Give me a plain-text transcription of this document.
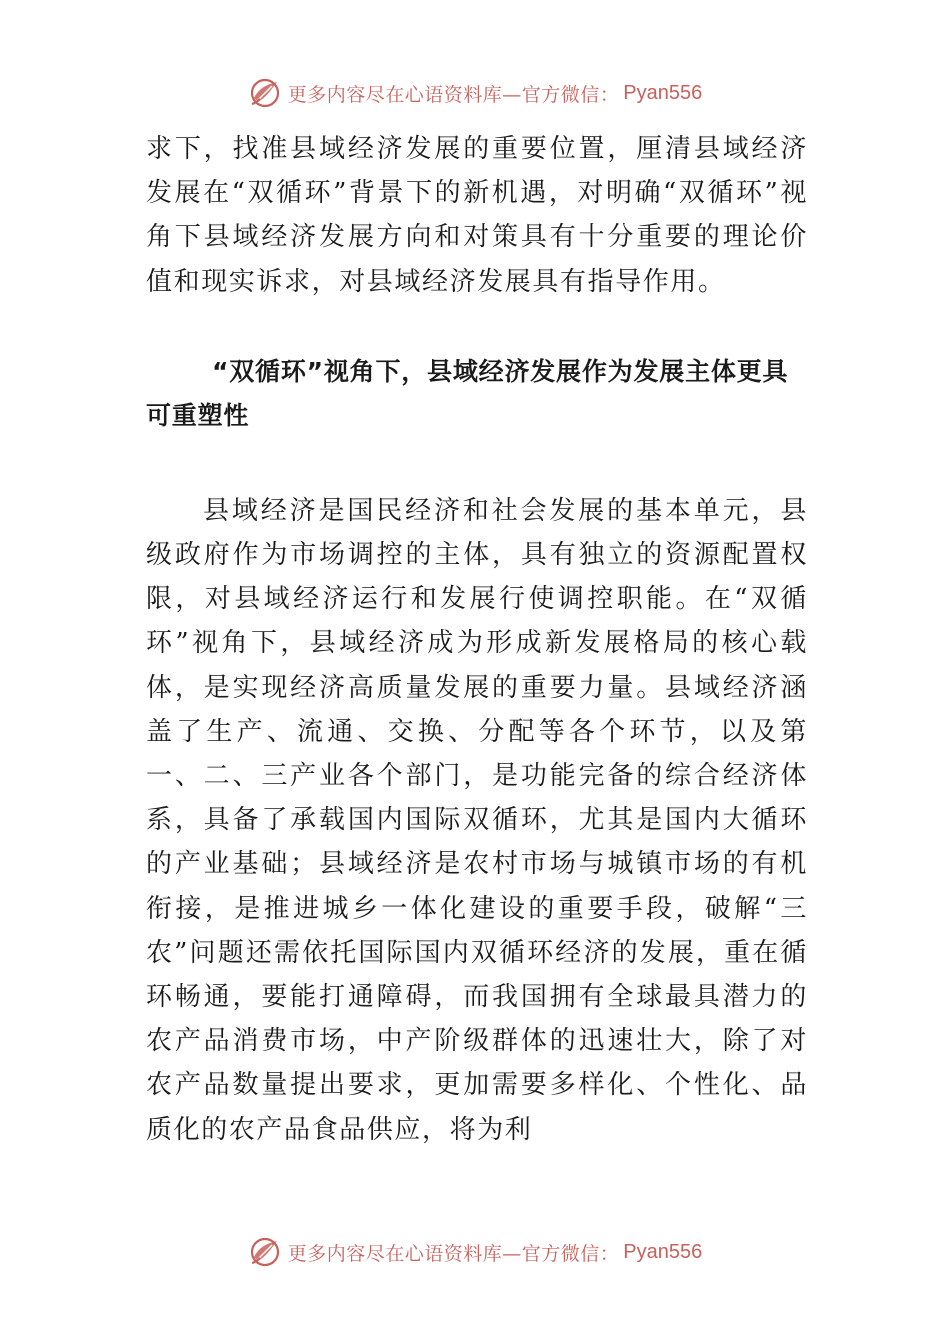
更多内容尽在心语资料库—官方微信： Pyan556

求下，找准县域经济发展的重要位置，厘清县域经济发展在“双循环”背景下的新机遇，对明确“双循环”视角下县域经济发展方向和对策具有十分重要的理论价值和现实诉求，对县域经济发展具有指导作用。

“双循环”视角下，县域经济发展作为发展主体更具可重塑性

县域经济是国民经济和社会发展的基本单元，县级政府作为市场调控的主体，具有独立的资源配置权限，对县域经济运行和发展行使调控职能。在“双循环”视角下，县域经济成为形成新发展格局的核心载体，是实现经济高质量发展的重要力量。县域经济涵盖了生产、流通、交换、分配等各个环节，以及第一、二、三产业各个部门，是功能完备的综合经济体系，具备了承载国内国际双循环，尤其是国内大循环的产业基础；县域经济是农村市场与城镇市场的有机衔接，是推进城乡一体化建设的重要手段，破解“三农”问题还需依托国际国内双循环经济的发展，重在循环畅通，要能打通障碍，而我国拥有全球最具潜力的农产品消费市场，中产阶级群体的迅速壮大，除了对农产品数量提出要求，更加需要多样化、个性化、品质化的农产品食品供应，将为利

更多内容尽在心语资料库—官方微信： Pyan556
